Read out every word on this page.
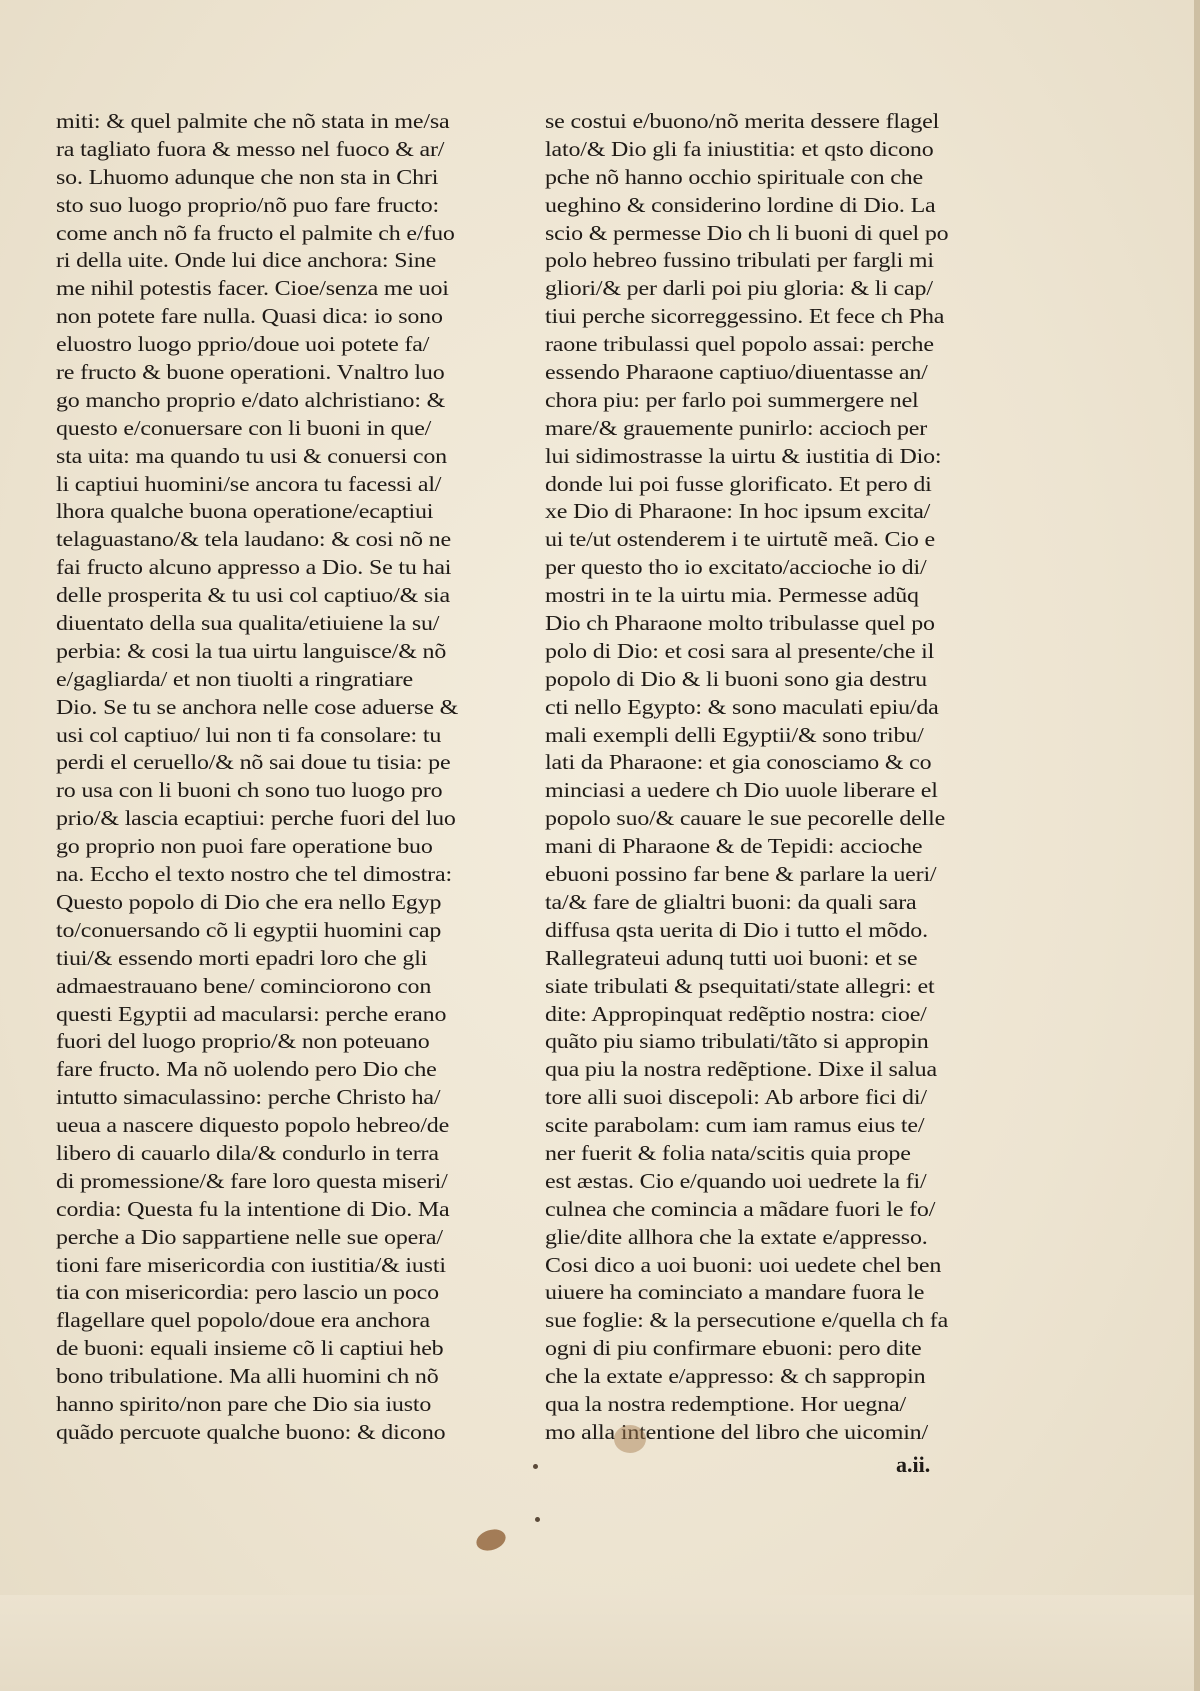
miti: & quel palmite che nõ stata in me/sa
ra tagliato fuora & messo nel fuoco & ar/
so. Lhuomo adunque che non sta in Chri
sto suo luogo proprio/nõ puo fare fructo:
come anch nõ fa fructo el palmite ch e/fuo
ri della uite. Onde lui dice anchora: Sine
me nihil potestis facer. Cioe/senza me uoi
non potete fare nulla. Quasi dica: io sono
eluostro luogo pprio/doue uoi potete fa/
re fructo & buone operationi. Vnaltro luo
go mancho proprio e/dato alchristiano: &
questo e/conuersare con li buoni in que/
sta uita: ma quando tu usi & conuersi con
li captiui huomini/se ancora tu facessi al/
lhora qualche buona operatione/ecaptiui
telaguastano/& tela laudano: & cosi nõ ne
fai fructo alcuno appresso a Dio. Se tu hai
delle prosperita & tu usi col captiuo/& sia
diuentato della sua qualita/etiuiene la su/
perbia: & cosi la tua uirtu languisce/& nõ
e/gagliarda/ et non tiuolti a ringratiare
Dio. Se tu se anchora nelle cose aduerse &
usi col captiuo/ lui non ti fa consolare: tu
perdi el ceruello/& nõ sai doue tu tisia: pe
ro usa con li buoni ch sono tuo luogo pro
prio/& lascia ecaptiui: perche fuori del luo
go proprio non puoi fare operatione buo
na. Eccho el texto nostro che tel dimostra:
Questo popolo di Dio che era nello Egyp
to/conuersando cõ li egyptii huomini cap
tiui/& essendo morti epadri loro che gli
admaestrauano bene/ cominciorono con
questi Egyptii ad macularsi: perche erano
fuori del luogo proprio/& non poteuano
fare fructo. Ma nõ uolendo pero Dio che
intutto simaculassino: perche Christo ha/
ueua a nascere diquesto popolo hebreo/de
libero di cauarlo dila/& condurlo in terra
di promessione/& fare loro questa miseri/
cordia: Questa fu la intentione di Dio. Ma
perche a Dio sappartiene nelle sue opera/
tioni fare misericordia con iustitia/& iusti
tia con misericordia: pero lascio un poco
flagellare quel popolo/doue era anchora
de buoni: equali insieme cõ li captiui heb
bono tribulatione. Ma alli huomini ch nõ
hanno spirito/non pare che Dio sia iusto
quãdo percuote qualche buono: & dicono
se costui e/buono/nõ merita dessere flagel
lato/& Dio gli fa iniustitia: et qsto dicono
pche nõ hanno occhio spirituale con che
ueghino & considerino lordine di Dio. La
scio & permesse Dio ch li buoni di quel po
polo hebreo fussino tribulati per fargli mi
gliori/& per darli poi piu gloria: & li cap/
tiui perche sicorreggessino. Et fece ch Pha
raone tribulassi quel popolo assai: perche
essendo Pharaone captiuo/diuentasse an/
chora piu: per farlo poi summergere nel
mare/& grauemente punirlo: accioch per
lui sidimostrasse la uirtu & iustitia di Dio:
donde lui poi fusse glorificato. Et pero di
xe Dio di Pharaone: In hoc ipsum excita/
ui te/ut ostenderem i te uirtutẽ meã. Cio e
per questo tho io excitato/accioche io di/
mostri in te la uirtu mia. Permesse adũq
Dio ch Pharaone molto tribulasse quel po
polo di Dio: et cosi sara al presente/che il
popolo di Dio & li buoni sono gia destru
cti nello Egypto: & sono maculati epiu/da
mali exempli delli Egyptii/& sono tribu/
lati da Pharaone: et gia conosciamo & co
minciasi a uedere ch Dio uuole liberare el
popolo suo/& cauare le sue pecorelle delle
mani di Pharaone & de Tepidi: accioche
ebuoni possino far bene & parlare la ueri/
ta/& fare de glialtri buoni: da quali sara
diffusa qsta uerita di Dio i tutto el mõdo.
Rallegrateui adunq tutti uoi buoni: et se
siate tribulati & psequitati/state allegri: et
dite: Appropinquat redẽptio nostra: cioe/
quãto piu siamo tribulati/tãto si appropin
qua piu la nostra redẽptione. Dixe il salua
tore alli suoi discepoli: Ab arbore fici di/
scite parabolam: cum iam ramus eius te/
ner fuerit & folia nata/scitis quia prope
est æstas. Cio e/quando uoi uedrete la fi/
culnea che comincia a mãdare fuori le fo/
glie/dite allhora che la extate e/appresso.
Cosi dico a uoi buoni: uoi uedete chel ben
uiuere ha cominciato a mandare fuora le
sue foglie: & la persecutione e/quella ch fa
ogni di piu confirmare ebuoni: pero dite
che la extate e/appresso: & ch sappropin
qua la nostra redemptione. Hor uegna/
mo alla intentione del libro che uicomin/
a.ii.
